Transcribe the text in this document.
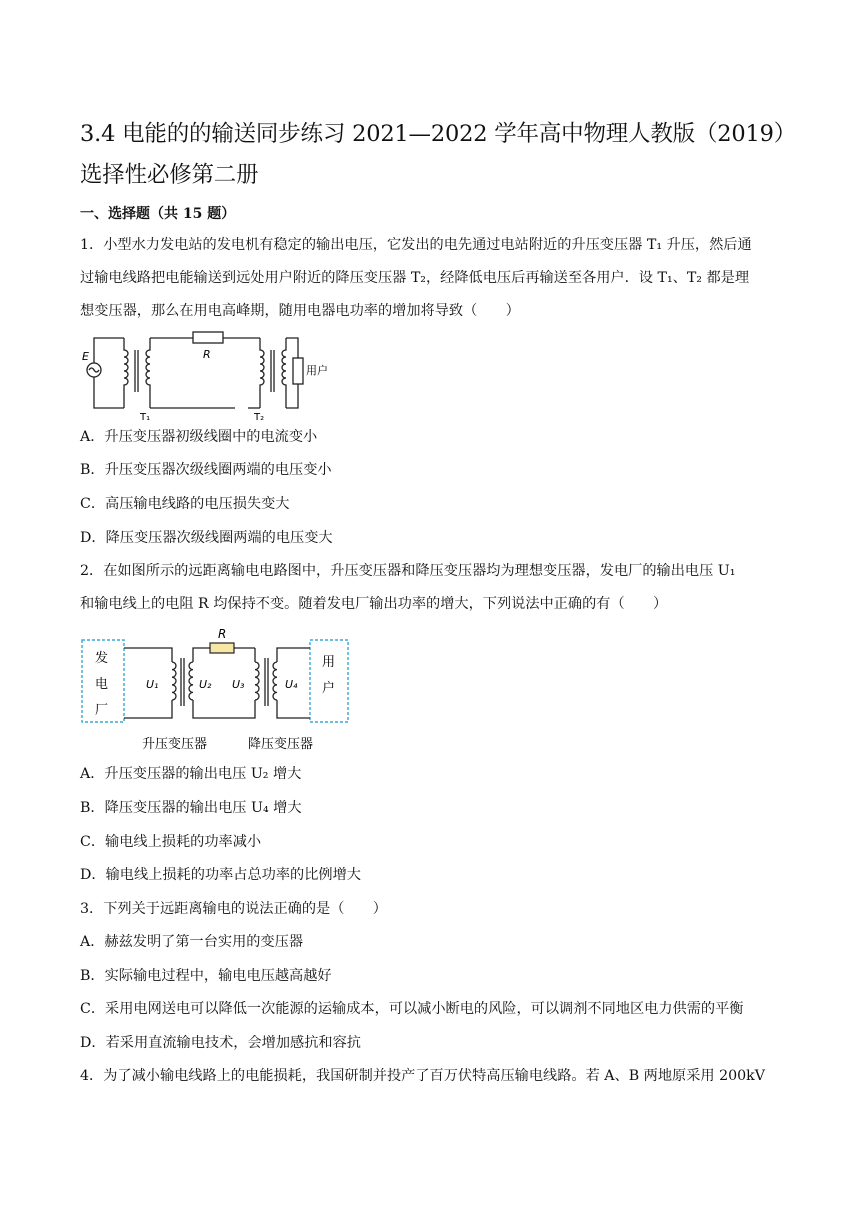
3.4 电能的的输送同步练习 2021—2022 学年高中物理人教版（2019）
选择性必修第二册
一、选择题（共 15 题）
1．小型水力发电站的发电机有稳定的输出电压，它发出的电先通过电站附近的升压变压器 T₁ 升压，然后通
过输电线路把电能输送到远处用户附近的降压变压器 T₂，经降低电压后再输送至各用户．设 T₁、T₂ 都是理
想变压器，那么在用电高峰期，随用电器电功率的增加将导致（　　）
E	R
用户
T₁	T₂
A．升压变压器初级线圈中的电流变小
B．升压变压器次级线圈两端的电压变小
C．高压输电线路的电压损失变大
D．降压变压器次级线圈两端的电压变大
2．在如图所示的远距离输电电路图中，升压变压器和降压变压器均为理想变压器，发电厂的输出电压 U₁
和输电线上的电阻 R 均保持不变。随着发电厂输出功率的增大，下列说法中正确的有（　　）
R
发
电
厂
用
户
U₁	U₂ U₃	U₄
升压变压器	降压变压器
A．升压变压器的输出电压 U₂ 增大
B．降压变压器的输出电压 U₄ 增大
C．输电线上损耗的功率减小
D．输电线上损耗的功率占总功率的比例增大
3．下列关于远距离输电的说法正确的是（　　）
A．赫兹发明了第一台实用的变压器
B．实际输电过程中，输电电压越高越好
C．采用电网送电可以降低一次能源的运输成本，可以减小断电的风险，可以调剂不同地区电力供需的平衡
D．若采用直流输电技术，会增加感抗和容抗
4．为了减小输电线路上的电能损耗，我国研制并投产了百万伏特高压输电线路。若 A、B 两地原采用 200kV
